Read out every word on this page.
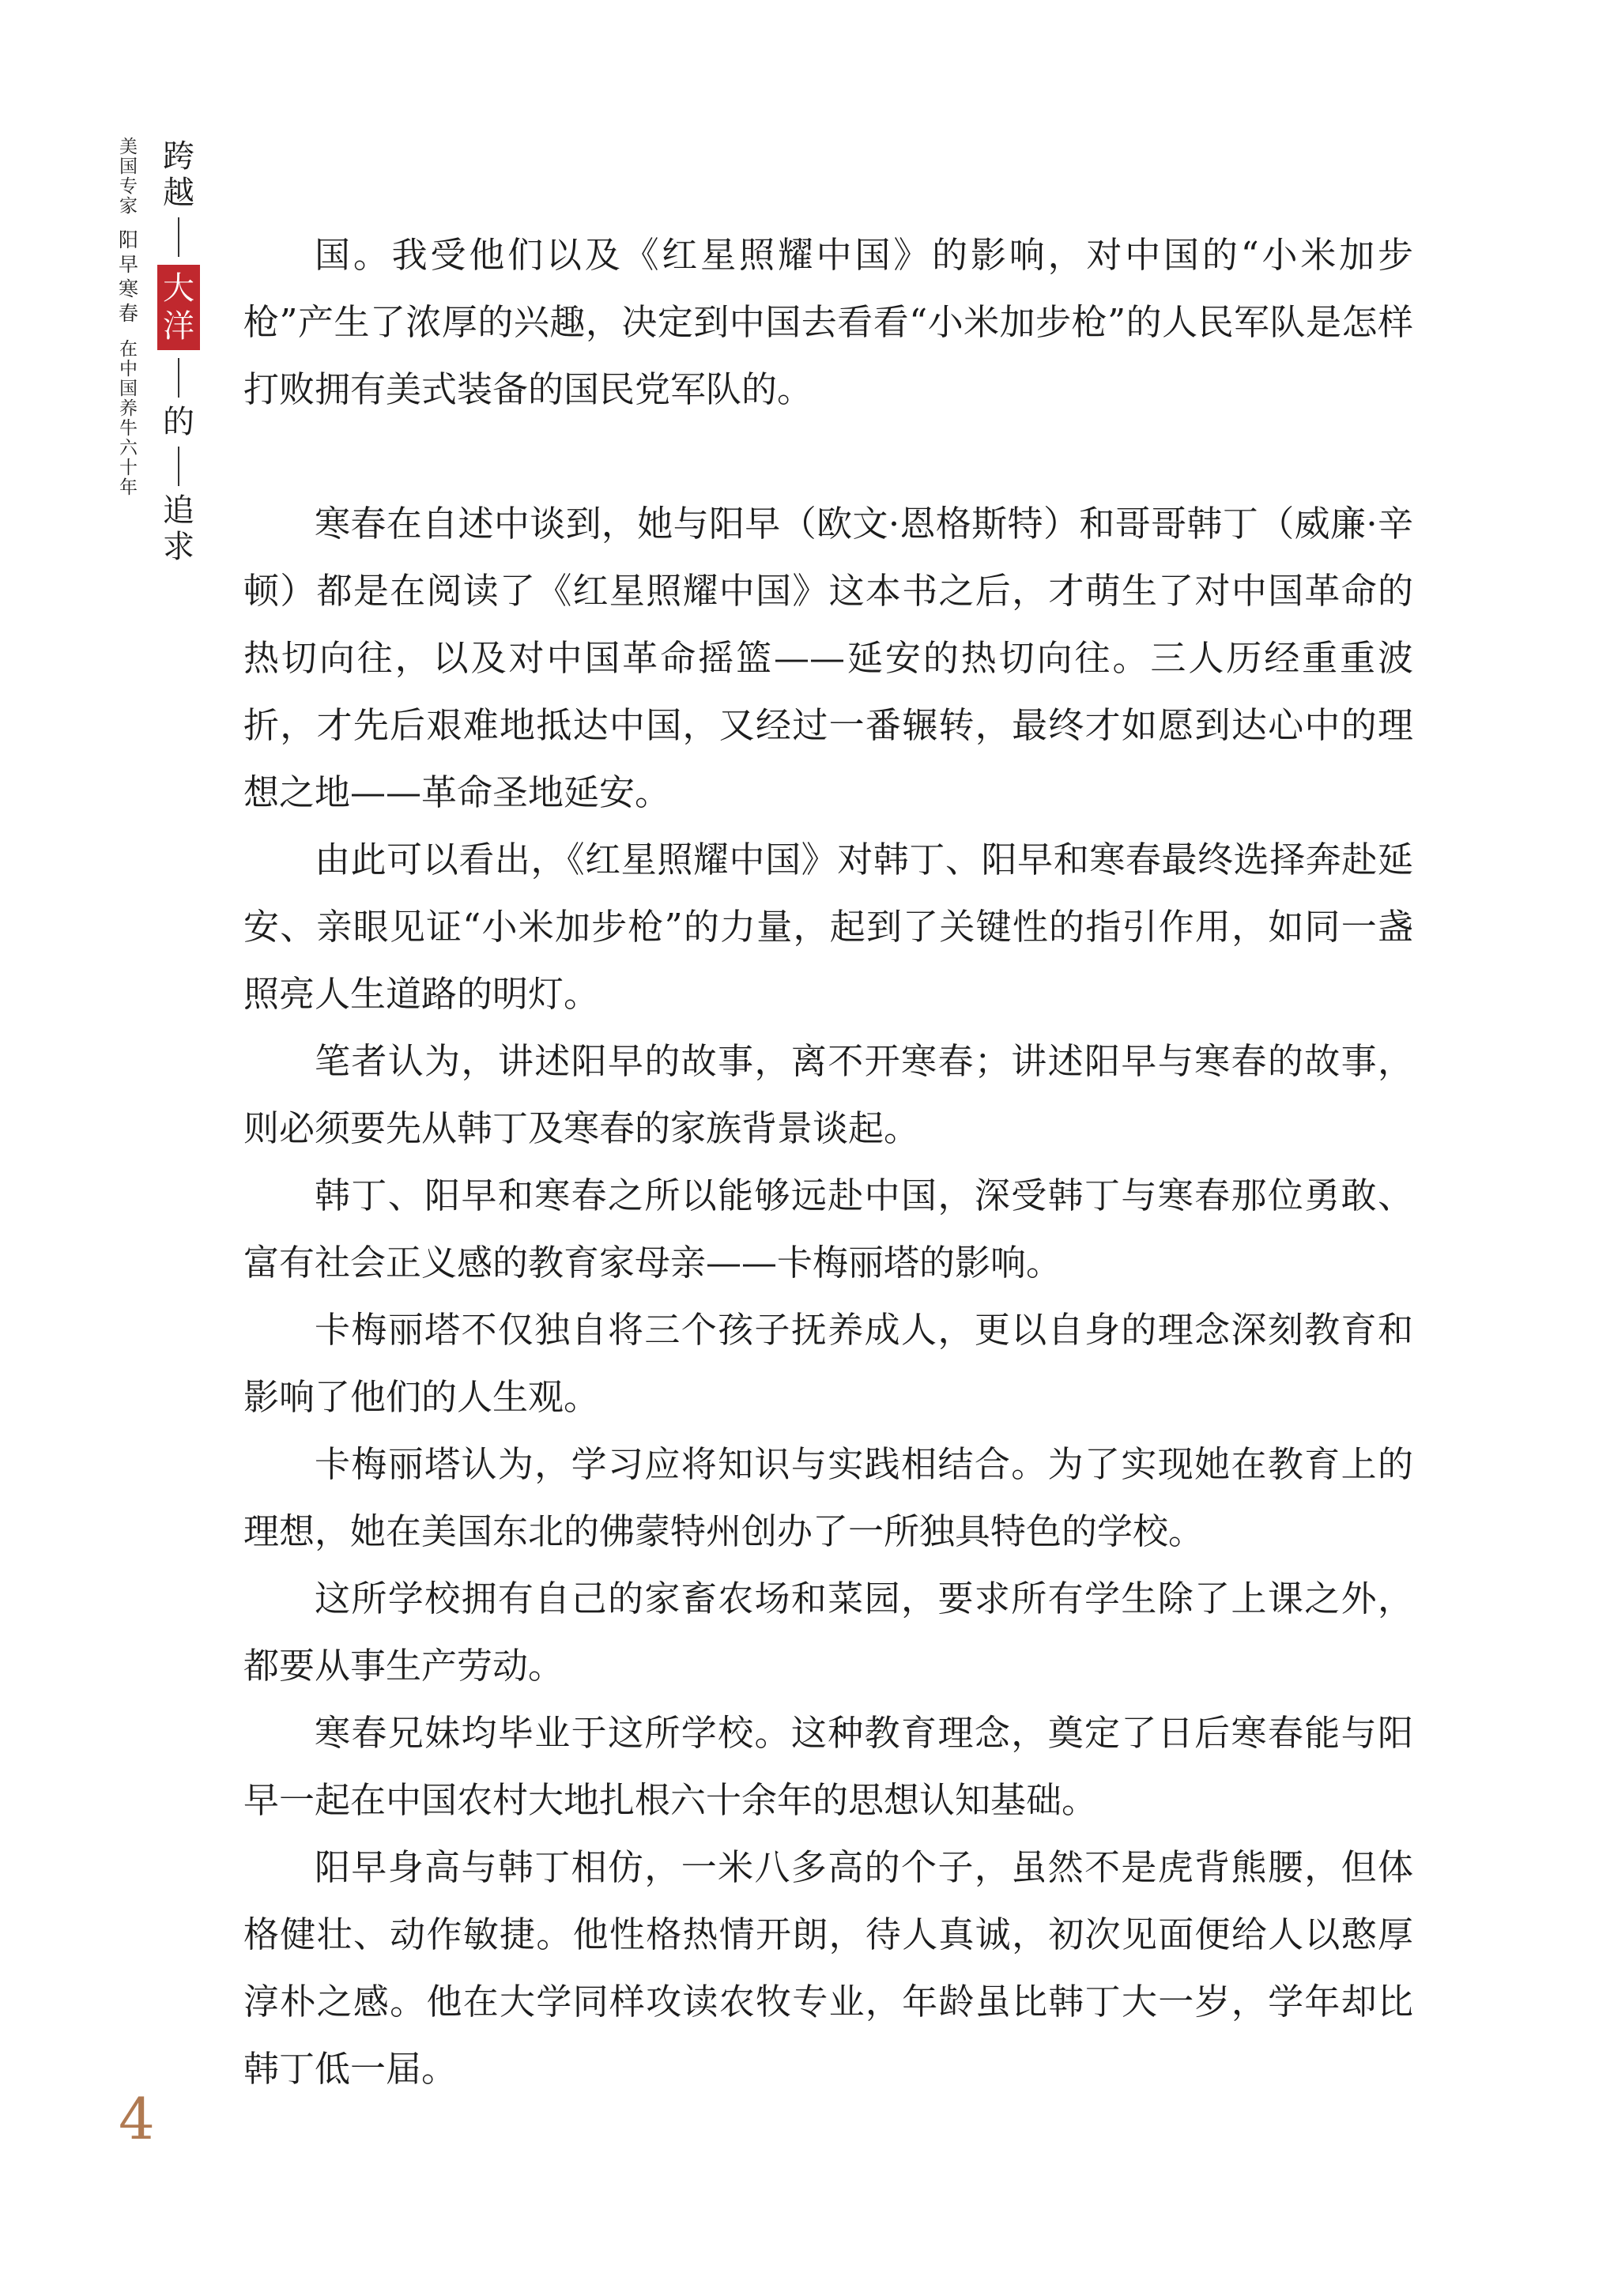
美
国
专
家
阳
早
寒
春
在
中
国
养
牛
六
十
年
跨
越
大
洋
的
追
求

国。我受他们以及《红星照耀中国》的影响，对中国的“小米加步枪”产生了浓厚的兴趣，决定到中国去看看“小米加步枪”的人民军队是怎样打败拥有美式装备的国民党军队的。

寒春在自述中谈到，她与阳早（欧文·恩格斯特）和哥哥韩丁（威廉·辛顿）都是在阅读了《红星照耀中国》这本书之后，才萌生了对中国革命的热切向往，以及对中国革命摇篮——延安的热切向往。三人历经重重波折，才先后艰难地抵达中国，又经过一番辗转，最终才如愿到达心中的理想之地——革命圣地延安。

由此可以看出，《红星照耀中国》对韩丁、阳早和寒春最终选择奔赴延安、亲眼见证“小米加步枪”的力量，起到了关键性的指引作用，如同一盏照亮人生道路的明灯。

笔者认为，讲述阳早的故事，离不开寒春；讲述阳早与寒春的故事，则必须要先从韩丁及寒春的家族背景谈起。

韩丁、阳早和寒春之所以能够远赴中国，深受韩丁与寒春那位勇敢、富有社会正义感的教育家母亲——卡梅丽塔的影响。

卡梅丽塔不仅独自将三个孩子抚养成人，更以自身的理念深刻教育和影响了他们的人生观。

卡梅丽塔认为，学习应将知识与实践相结合。为了实现她在教育上的理想，她在美国东北的佛蒙特州创办了一所独具特色的学校。

这所学校拥有自己的家畜农场和菜园，要求所有学生除了上课之外，都要从事生产劳动。

寒春兄妹均毕业于这所学校。这种教育理念，奠定了日后寒春能与阳早一起在中国农村大地扎根六十余年的思想认知基础。

阳早身高与韩丁相仿，一米八多高的个子，虽然不是虎背熊腰，但体格健壮、动作敏捷。他性格热情开朗，待人真诚，初次见面便给人以憨厚淳朴之感。他在大学同样攻读农牧专业，年龄虽比韩丁大一岁，学年却比韩丁低一届。

4
